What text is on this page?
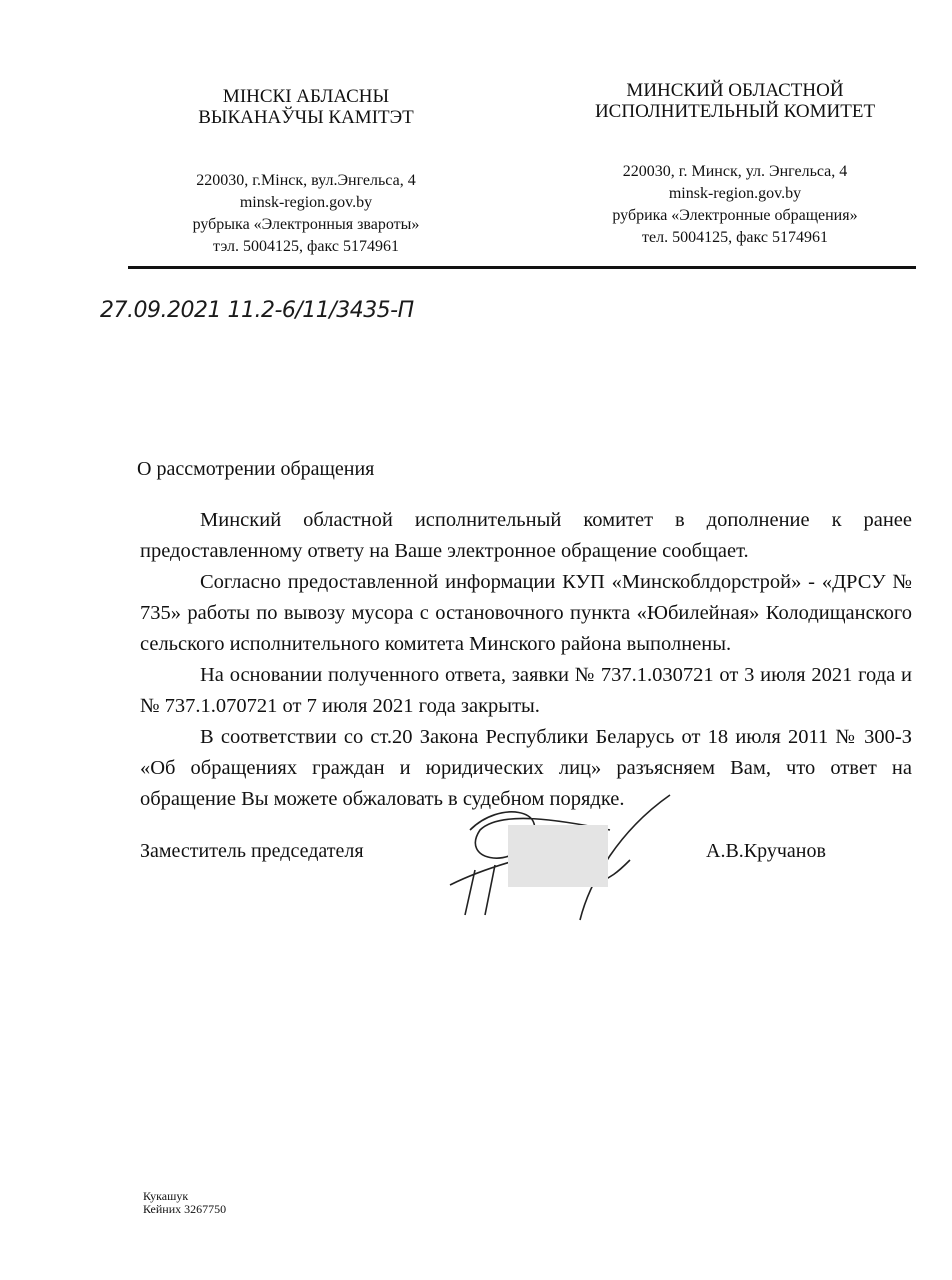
МІНСКІ АБЛАСНЫ
ВЫКАНАЎЧЫ КАМІТЭТ
220030, г.Мінск, вул.Энгельса, 4
minsk-region.gov.by
рубрыка «Электронныя зваpоты»
тэл. 5004125, факс 5174961
МИНСКИЙ ОБЛАСТНОЙ
ИСПОЛНИТЕЛЬНЫЙ КОМИТЕТ
220030, г. Минск, ул. Энгельса, 4
minsk-region.gov.by
рубрика «Электронные обращения»
тел. 5004125, факс 5174961
27.09.2021 11.2-6/11/3435-П
О рассмотрении обращения

Минский областной исполнительный комитет в дополнение к ранее предоставленному ответу на Ваше электронное обращение сообщает.

Согласно предоставленной информации КУП «Минскоблдорстрой» - «ДРСУ № 735» работы по вывозу мусора с остановочного пункта «Юбилейная» Колодищанского сельского исполнительного комитета Минского района выполнены.

На основании полученного ответа, заявки № 737.1.030721 от 3 июля 2021 года и № 737.1.070721 от 7 июля 2021 года закрыты.

В соответствии со ст.20 Закона Республики Беларусь от 18 июля 2011 № 300-З «Об обращениях граждан и юридических лиц» разъясняем Вам, что ответ на обращение Вы можете обжаловать в судебном порядке.

Заместитель председателя	А.В.Кручанов
Кукашук
Кейних 3267750
